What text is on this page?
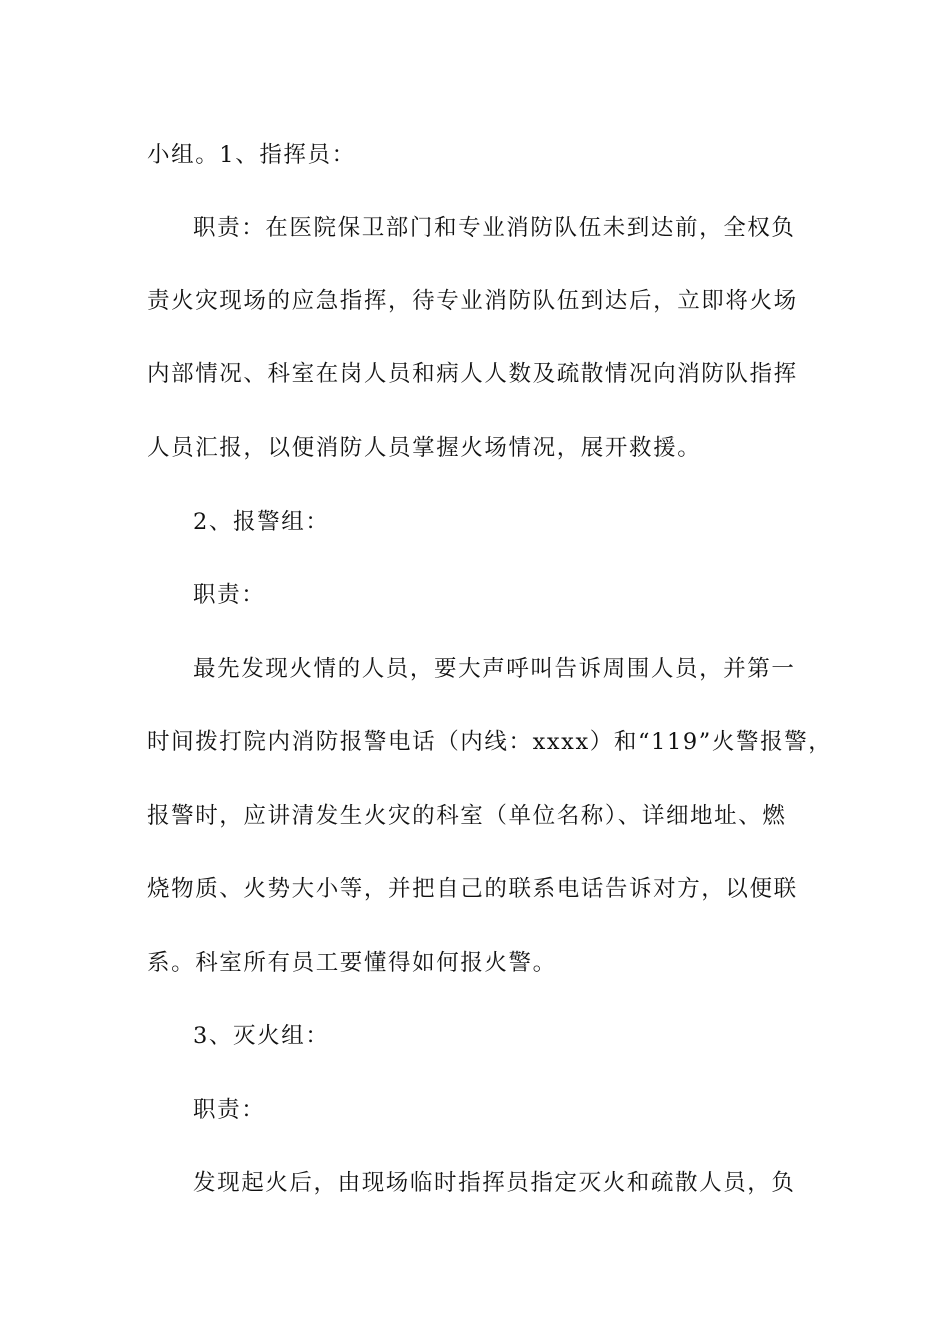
小组。1、指挥员：
职责：在医院保卫部门和专业消防队伍未到达前，全权负
责火灾现场的应急指挥，待专业消防队伍到达后，立即将火场
内部情况、科室在岗人员和病人人数及疏散情况向消防队指挥
人员汇报，以便消防人员掌握火场情况，展开救援。
2、报警组：
职责：
最先发现火情的人员，要大声呼叫告诉周围人员，并第一
时间拨打院内消防报警电话（内线：xxxx）和“119”火警报警，
报警时，应讲清发生火灾的科室（单位名称）、详细地址、燃
烧物质、火势大小等，并把自己的联系电话告诉对方，以便联
系。科室所有员工要懂得如何报火警。
3、灭火组：
职责：
发现起火后，由现场临时指挥员指定灭火和疏散人员，负
